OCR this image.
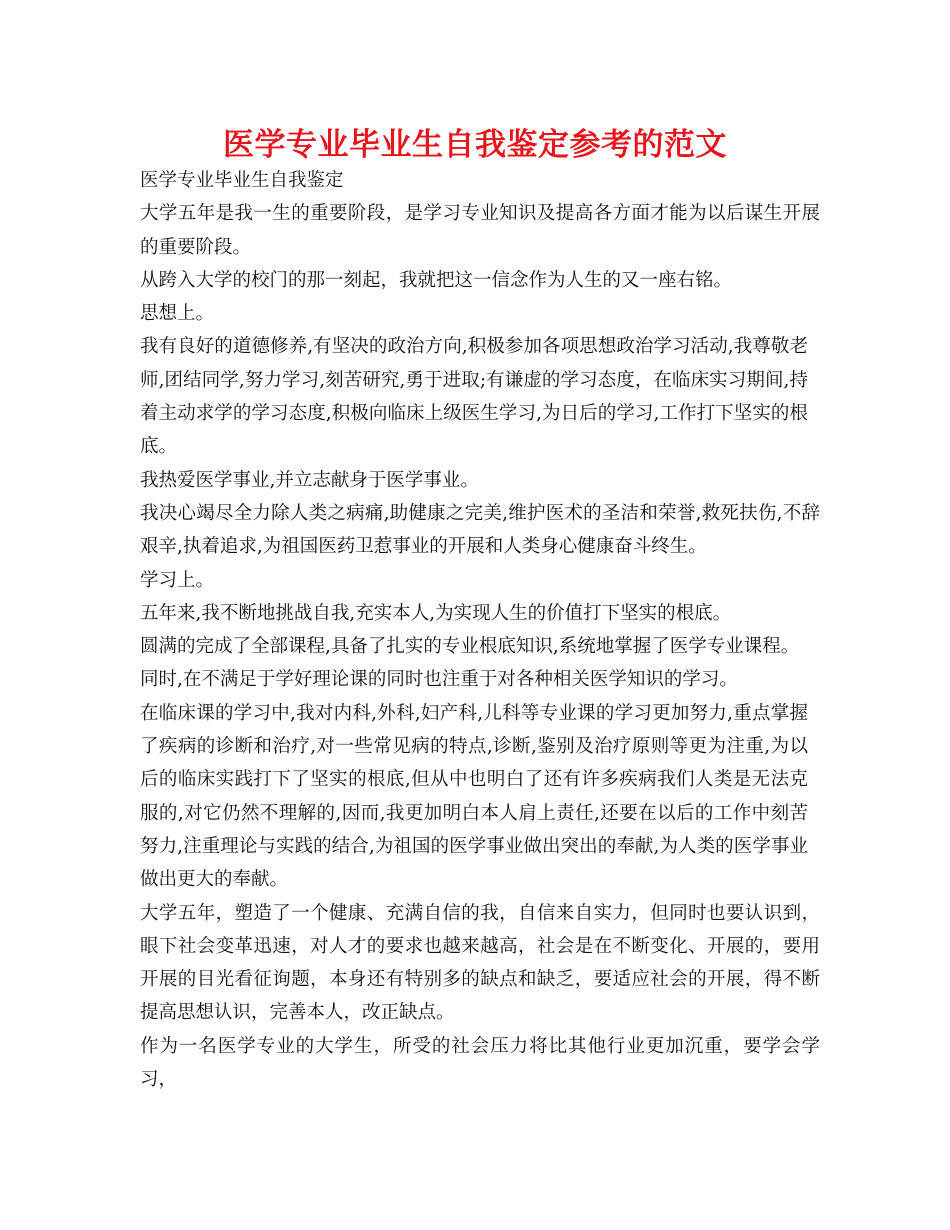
医学专业毕业生自我鉴定参考的范文

医学专业毕业生自我鉴定

大学五年是我一生的重要阶段，是学习专业知识及提高各方面才能为以后谋生开展的重要阶段。

从跨入大学的校门的那一刻起，我就把这一信念作为人生的又一座右铭。

思想上。

我有良好的道德修养,有坚决的政治方向,积极参加各项思想政治学习活动,我尊敬老师,团结同学,努力学习,刻苦研究,勇于进取;有谦虚的学习态度，在临床实习期间,持着主动求学的学习态度,积极向临床上级医生学习,为日后的学习,工作打下坚实的根底。

我热爱医学事业,并立志献身于医学事业。

我决心竭尽全力除人类之病痛,助健康之完美,维护医术的圣洁和荣誉,救死扶伤,不辞艰辛,执着追求,为祖国医药卫惹事业的开展和人类身心健康奋斗终生。

学习上。

五年来,我不断地挑战自我,充实本人,为实现人生的价值打下坚实的根底。

圆满的完成了全部课程,具备了扎实的专业根底知识,系统地掌握了医学专业课程。

同时,在不满足于学好理论课的同时也注重于对各种相关医学知识的学习。

在临床课的学习中,我对内科,外科,妇产科,儿科等专业课的学习更加努力,重点掌握了疾病的诊断和治疗,对一些常见病的特点,诊断,鉴别及治疗原则等更为注重,为以后的临床实践打下了坚实的根底,但从中也明白了还有许多疾病我们人类是无法克服的,对它仍然不理解的,因而,我更加明白本人肩上责任,还要在以后的工作中刻苦努力,注重理论与实践的结合,为祖国的医学事业做出突出的奉献,为人类的医学事业做出更大的奉献。

大学五年，塑造了一个健康、充满自信的我，自信来自实力，但同时也要认识到，眼下社会变革迅速，对人才的要求也越来越高，社会是在不断变化、开展的，要用开展的目光看征询题，本身还有特别多的缺点和缺乏，要适应社会的开展，得不断提高思想认识，完善本人，改正缺点。

作为一名医学专业的大学生，所受的社会压力将比其他行业更加沉重，要学会学习，
